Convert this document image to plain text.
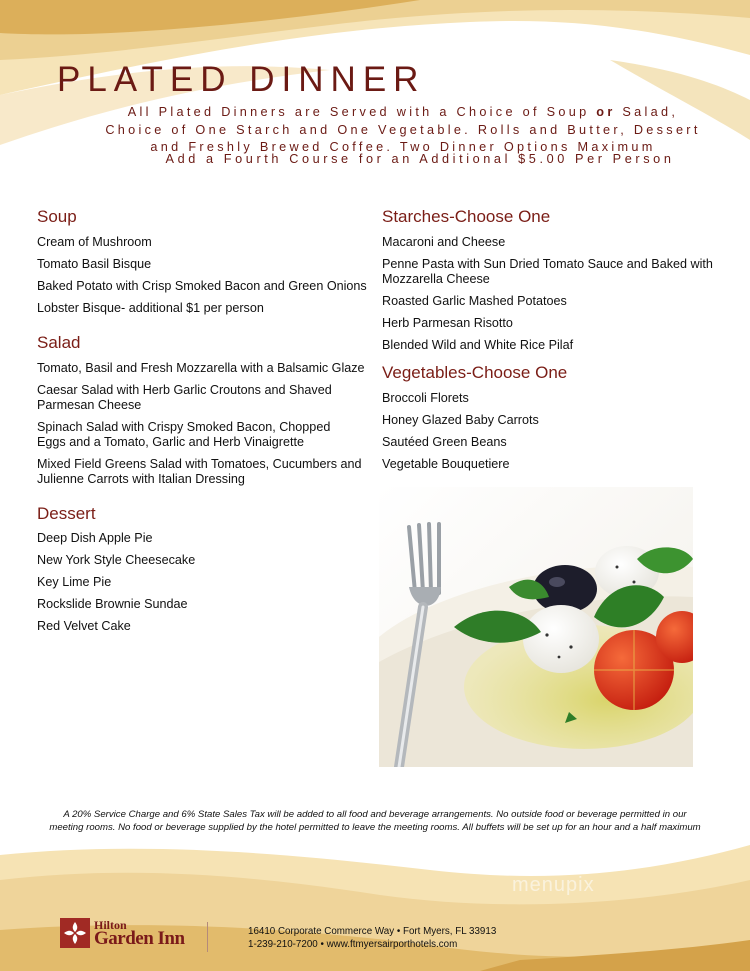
PLATED DINNER
All Plated Dinners are Served with a Choice of Soup or Salad, Choice of One Starch and One Vegetable. Rolls and Butter, Dessert and Freshly Brewed Coffee. Two Dinner Options Maximum
Add a Fourth Course for an Additional $5.00 Per Person
Soup
Cream of Mushroom
Tomato Basil Bisque
Baked Potato with Crisp Smoked Bacon and Green Onions
Lobster Bisque- additional $1 per person
Salad
Tomato, Basil and Fresh Mozzarella with a Balsamic Glaze
Caesar Salad with Herb Garlic Croutons and Shaved Parmesan Cheese
Spinach Salad with Crispy Smoked Bacon, Chopped Eggs and a Tomato, Garlic and Herb Vinaigrette
Mixed Field Greens Salad with Tomatoes, Cucumbers and Julienne Carrots with Italian Dressing
Dessert
Deep Dish Apple Pie
New York Style Cheesecake
Key Lime Pie
Rockslide Brownie Sundae
Red Velvet Cake
Starches-Choose One
Macaroni and Cheese
Penne Pasta with Sun Dried Tomato Sauce and Baked with Mozzarella Cheese
Roasted Garlic Mashed Potatoes
Herb Parmesan Risotto
Blended Wild and White Rice Pilaf
Vegetables-Choose One
Broccoli Florets
Honey Glazed Baby Carrots
Sautéed Green Beans
Vegetable Bouquetiere
A 20% Service Charge and 6% State Sales Tax will be added to all food and beverage arrangements. No outside food or beverage permitted in our
meeting rooms. No food or beverage supplied by the hotel permitted to leave the meeting rooms. All buffets will be set up for an hour and a half maximum
menupix
Hilton
Garden Inn	16410 Corporate Commerce Way • Fort Myers, FL 33913
1-239-210-7200 • www.ftmyersairporthotels.com
